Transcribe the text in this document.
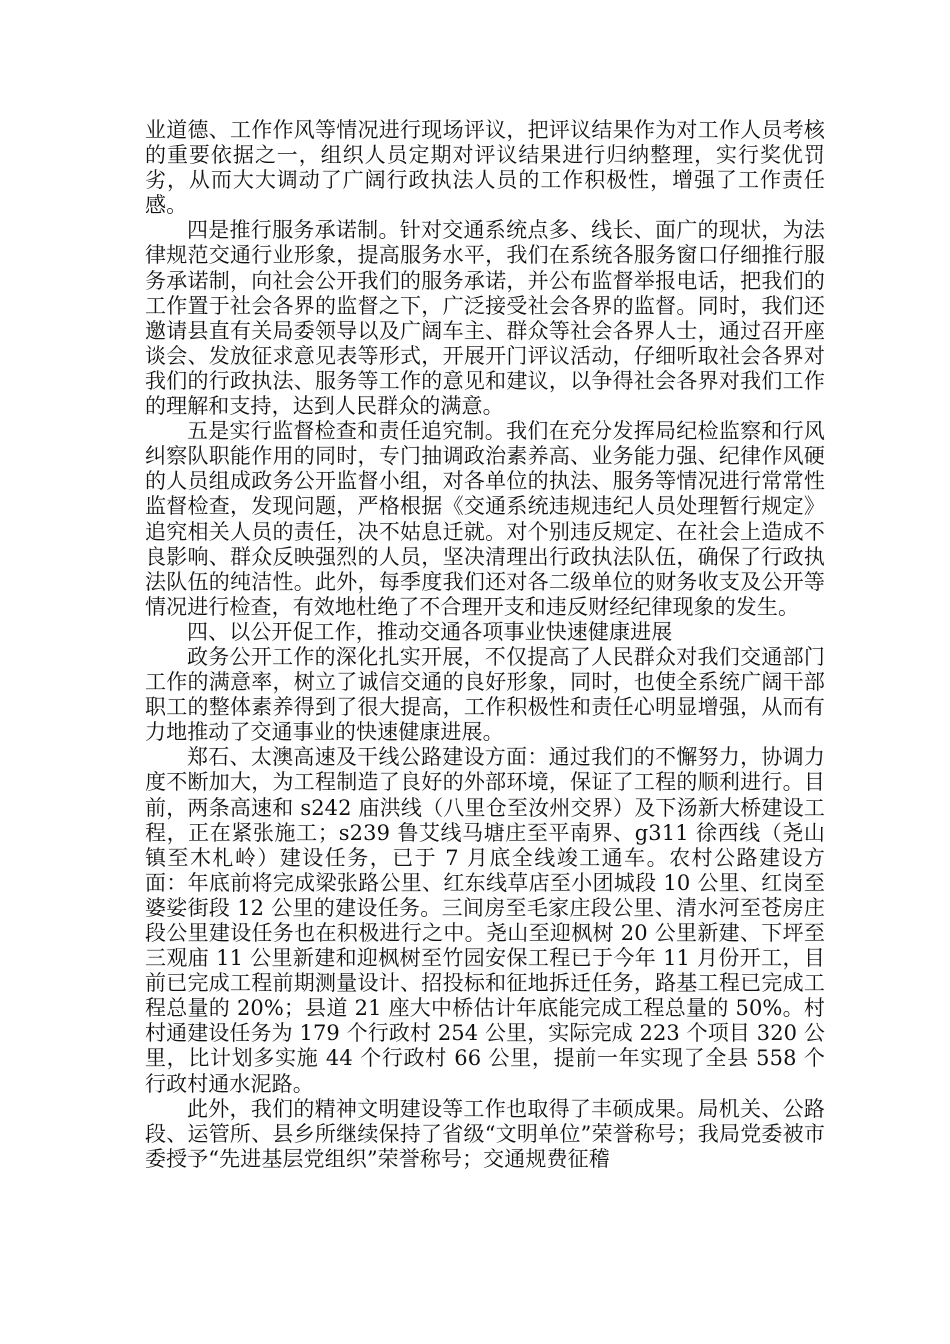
业道德、工作作风等情况进行现场评议，把评议结果作为对工作人员考核的重要依据之一，组织人员定期对评议结果进行归纳整理，实行奖优罚劣，从而大大调动了广阔行政执法人员的工作积极性，增强了工作责任感。

四是推行服务承诺制。针对交通系统点多、线长、面广的现状，为法律规范交通行业形象，提高服务水平，我们在系统各服务窗口仔细推行服务承诺制，向社会公开我们的服务承诺，并公布监督举报电话，把我们的工作置于社会各界的监督之下，广泛接受社会各界的监督。同时，我们还邀请县直有关局委领导以及广阔车主、群众等社会各界人士，通过召开座谈会、发放征求意见表等形式，开展开门评议活动，仔细听取社会各界对我们的行政执法、服务等工作的意见和建议，以争得社会各界对我们工作的理解和支持，达到人民群众的满意。

五是实行监督检查和责任追究制。我们在充分发挥局纪检监察和行风纠察队职能作用的同时，专门抽调政治素养高、业务能力强、纪律作风硬的人员组成政务公开监督小组，对各单位的执法、服务等情况进行常常性监督检查，发现问题，严格根据《交通系统违规违纪人员处理暂行规定》追究相关人员的责任，决不姑息迁就。对个别违反规定、在社会上造成不良影响、群众反映强烈的人员，坚决清理出行政执法队伍，确保了行政执法队伍的纯洁性。此外，每季度我们还对各二级单位的财务收支及公开等情况进行检查，有效地杜绝了不合理开支和违反财经纪律现象的发生。

四、以公开促工作，推动交通各项事业快速健康进展

政务公开工作的深化扎实开展，不仅提高了人民群众对我们交通部门工作的满意率，树立了诚信交通的良好形象，同时，也使全系统广阔干部职工的整体素养得到了很大提高，工作积极性和责任心明显增强，从而有力地推动了交通事业的快速健康进展。

郑石、太澳高速及干线公路建设方面：通过我们的不懈努力，协调力度不断加大，为工程制造了良好的外部环境，保证了工程的顺利进行。目前，两条高速和 s242 庙洪线（八里仓至汝州交界）及下汤新大桥建设工程，正在紧张施工；s239 鲁艾线马塘庄至平南界、g311 徐西线（尧山镇至木札岭）建设任务，已于 7 月底全线竣工通车。农村公路建设方面：年底前将完成梁张路公里、红东线草店至小团城段 10 公里、红岗至婆娑街段 12 公里的建设任务。三间房至毛家庄段公里、清水河至苍房庄段公里建设任务也在积极进行之中。尧山至迎枫树 20 公里新建、下坪至三观庙 11 公里新建和迎枫树至竹园安保工程已于今年 11 月份开工，目前已完成工程前期测量设计、招投标和征地拆迁任务，路基工程已完成工程总量的 20%；县道 21 座大中桥估计年底能完成工程总量的 50%。村村通建设任务为 179 个行政村 254 公里，实际完成 223 个项目 320 公里，比计划多实施 44 个行政村 66 公里，提前一年实现了全县 558 个行政村通水泥路。

此外，我们的精神文明建设等工作也取得了丰硕成果。局机关、公路段、运管所、县乡所继续保持了省级“文明单位”荣誉称号；我局党委被市委授予“先进基层党组织”荣誉称号；交通规费征稽
